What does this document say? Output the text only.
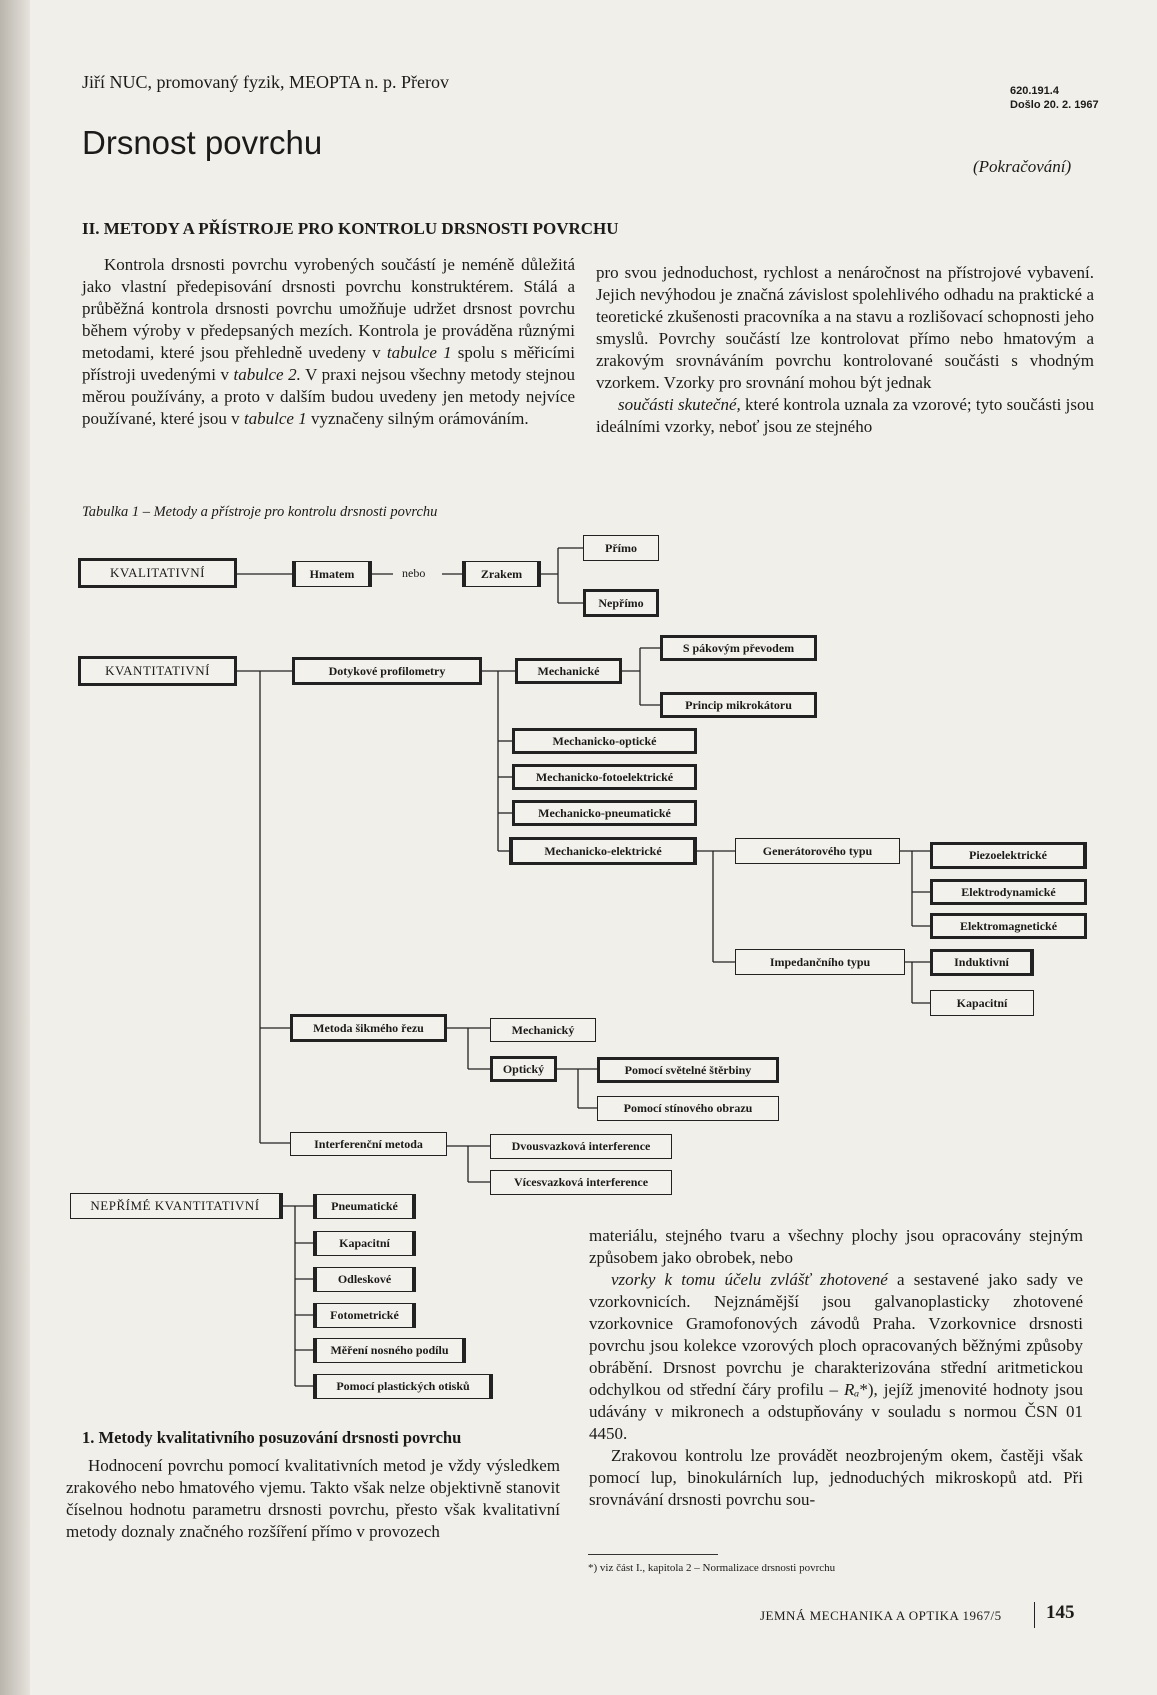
Jiří NUC, promovaný fyzik, MEOPTA n. p. Přerov	620.191.4
Došlo 20. 2. 1967
Drsnost povrchu
(Pokračování)
II. METODY A PŘÍSTROJE PRO KONTROLU DRSNOSTI POVRCHU

Kontrola drsnosti povrchu vyrobených součástí je neméně důležitá jako vlastní předepisování drsnosti povrchu konstruktérem. Stálá a průběžná kontrola drsnosti povrchu umožňuje udržet drsnost povrchu během výroby v předepsaných mezích. Kontrola je prováděna různými metodami, které jsou přehledně uvedeny v tabulce 1 spolu s měřicími přístroji uvedenými v tabulce 2. V praxi nejsou všechny metody stejnou měrou používány, a proto v dalším budou uvedeny jen metody nejvíce používané, které jsou v tabulce 1 vyznačeny silným orámováním.

pro svou jednoduchost, rychlost a nenáročnost na přístrojové vybavení. Jejich nevýhodou je značná závislost spolehlivého odhadu na praktické a teoretické zkušenosti pracovníka a na stavu a rozlišovací schopnosti jeho smyslů. Povrchy součástí lze kontrolovat přímo nebo hmatovým a zrakovým srovnáváním povrchu kontrolované součásti s vhodným vzorkem. Vzorky pro srovnání mohou být jednak

součásti skutečné, které kontrola uznala za vzorové; tyto součásti jsou ideálními vzorky, neboť jsou ze stejného

Tabulka 1 – Metody a přístroje pro kontrolu drsnosti povrchu
KVALITATIVNÍ	Hmatem	nebo	Zrakem
Přímo
Nepřímo
KVANTITATIVNÍ	Dotykové profilometry	Mechanické
S pákovým převodem
Princip mikrokátoru
Mechanicko-optické
Mechanicko-fotoelektrické
Mechanicko-pneumatické
Mechanicko-elektrické	Generátorového typu	Piezoelektrické
Elektrodynamické
Elektromagnetické
Impedančního typu	Induktivní
Kapacitní
Metoda šikmého řezu	Mechanický
Optický	Pomocí světelné štěrbiny
Pomocí stínového obrazu
Interferenční metoda	Dvousvazková interference
Vícesvazková interference
NEPŘÍMÉ KVANTITATIVNÍ	Pneumatické
Kapacitní
Odleskové
Fotometrické
Měření nosného podílu
Pomocí plastických otisků
1. Metody kvalitativního posuzování drsnosti povrchu

Hodnocení povrchu pomocí kvalitativních metod je vždy výsledkem zrakového nebo hmatového vjemu. Takto však nelze objektivně stanovit číselnou hodnotu parametru drsnosti povrchu, přesto však kvalitativní metody doznaly značného rozšíření přímo v provozech

materiálu, stejného tvaru a všechny plochy jsou opracovány stejným způsobem jako obrobek, nebo

vzorky k tomu účelu zvlášť zhotovené a sestavené jako sady ve vzorkovnicích. Nejznámější jsou galvanoplasticky zhotovené vzorkovnice Gramofonových závodů Praha. Vzorkovnice drsnosti povrchu jsou kolekce vzorových ploch opracovaných běžnými způsoby obrábění. Drsnost povrchu je charakterizována střední aritmetickou odchylkou od střední čáry profilu – Rₐ*), jejíž jmenovité hodnoty jsou udávány v mikronech a odstupňovány v souladu s normou ČSN 01 4450.

Zrakovou kontrolu lze provádět neozbrojeným okem, častěji však pomocí lup, binokulárních lup, jednoduchých mikroskopů atd. Při srovnávání drsnosti povrchu sou-

*) viz část I., kapitola 2 – Normalizace drsnosti povrchu
JEMNÁ MECHANIKA A OPTIKA 1967/5 145
